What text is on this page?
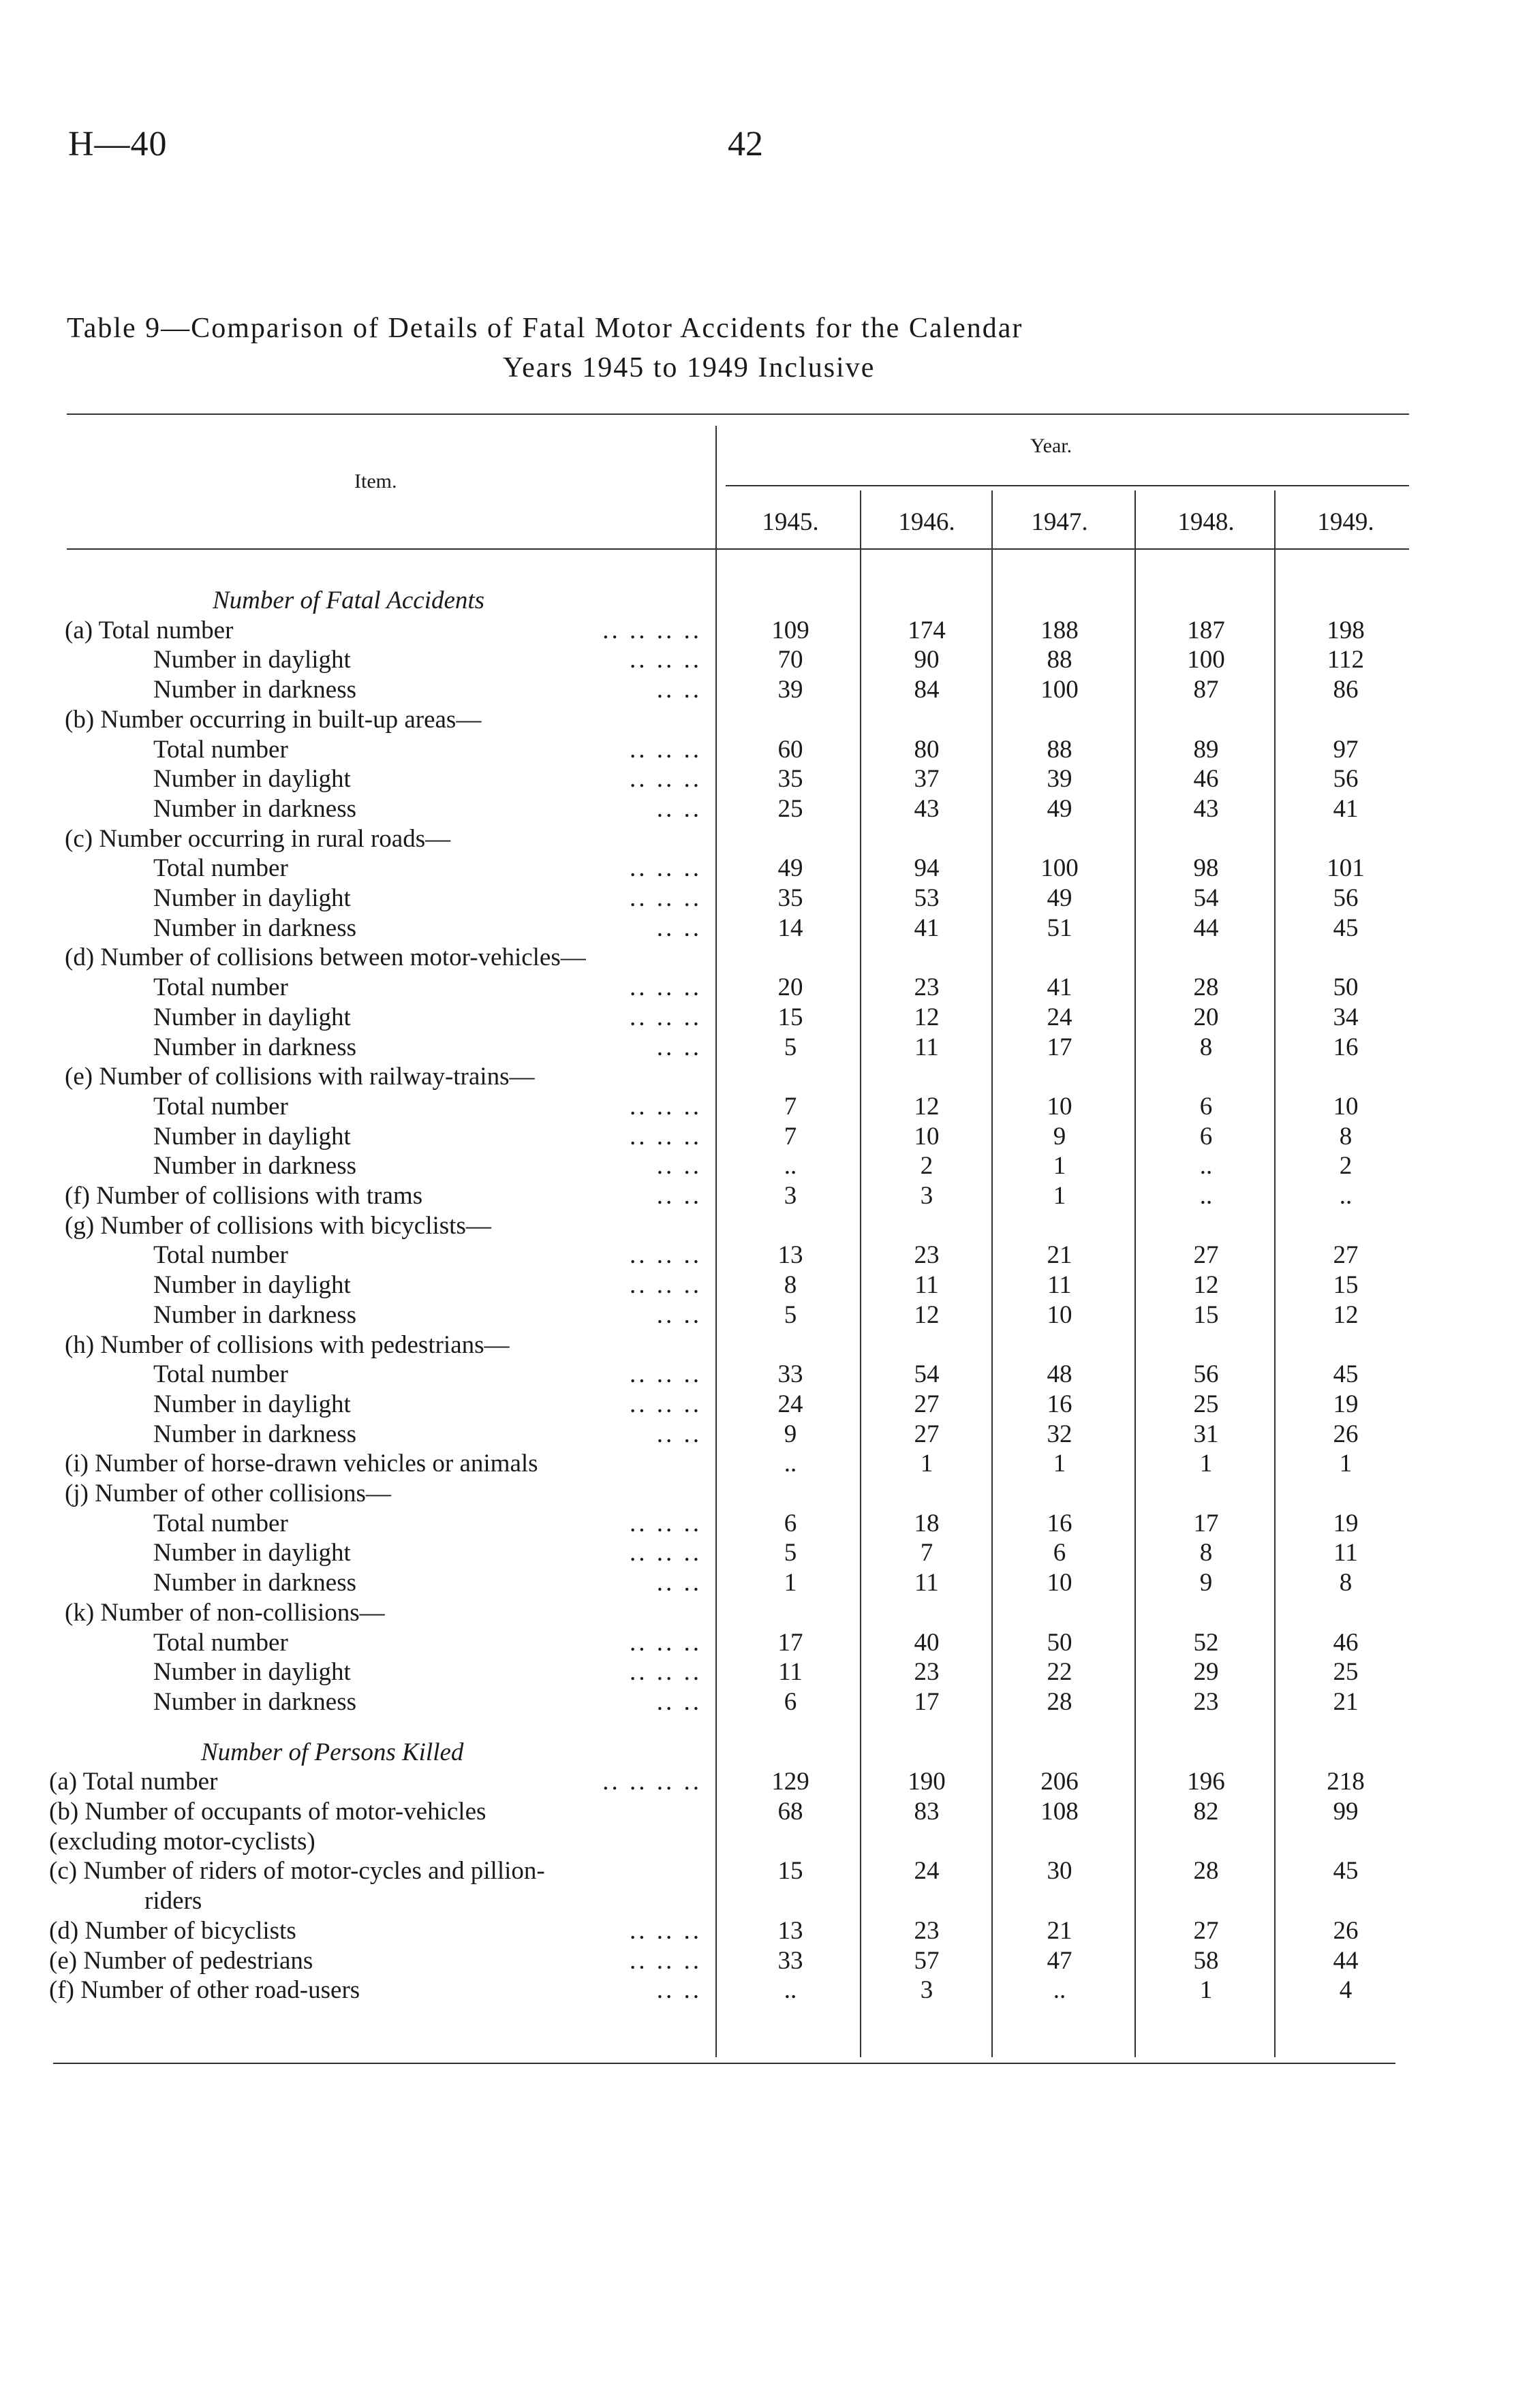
H—40	42
Table 9—Comparison of Details of Fatal Motor Accidents for the Calendar
Years 1945 to 1949 Inclusive
Item.
Year.
1945.	1946.	1947.	1948.	1949.
Number of Fatal Accidents
(a) Total number	.. .. .. ..	109	174	188	187	198
Number in daylight	.. .. ..	70	90	88	100	112
Number in darkness	.. ..	39	84	100	87	86
(b) Number occurring in built-up areas—
Total number	.. .. ..	60	80	88	89	97
Number in daylight	.. .. ..	35	37	39	46	56
Number in darkness	.. ..	25	43	49	43	41
(c) Number occurring in rural roads—
Total number	.. .. ..	49	94	100	98	101
Number in daylight	.. .. ..	35	53	49	54	56
Number in darkness	.. ..	14	41	51	44	45
(d) Number of collisions between motor-vehicles—
Total number	.. .. ..	20	23	41	28	50
Number in daylight	.. .. ..	15	12	24	20	34
Number in darkness	.. ..	5	11	17	8	16
(e) Number of collisions with railway-trains—
Total number	.. .. ..	7	12	10	6	10
Number in daylight	.. .. ..	7	10	9	6	8
Number in darkness	.. ..	..	2	1	..	2
(f) Number of collisions with trams	.. ..	3	3	1	..	..
(g) Number of collisions with bicyclists—
Total number	.. .. ..	13	23	21	27	27
Number in daylight	.. .. ..	8	11	11	12	15
Number in darkness	.. ..	5	12	10	15	12
(h) Number of collisions with pedestrians—
Total number	.. .. ..	33	54	48	56	45
Number in daylight	.. .. ..	24	27	16	25	19
Number in darkness	.. ..	9	27	32	31	26
(i) Number of horse-drawn vehicles or animals	..	1	1	1	1
(j) Number of other collisions—
Total number	.. .. ..	6	18	16	17	19
Number in daylight	.. .. ..	5	7	6	8	11
Number in darkness	.. ..	1	11	10	9	8
(k) Number of non-collisions—
Total number	.. .. ..	17	40	50	52	46
Number in daylight	.. .. ..	11	23	22	29	25
Number in darkness	.. ..	6	17	28	23	21
Number of Persons Killed
(a) Total number	.. .. .. ..	129	190	206	196	218
(b) Number of occupants of motor-vehicles	68	83	108	82	99
(excluding motor-cyclists)
(c) Number of riders of motor-cycles and pillion-	15	24	30	28	45
riders
(d) Number of bicyclists	.. .. ..	13	23	21	27	26
(e) Number of pedestrians	.. .. ..	33	57	47	58	44
(f) Number of other road-users	.. ..	..	3	..	1	4
